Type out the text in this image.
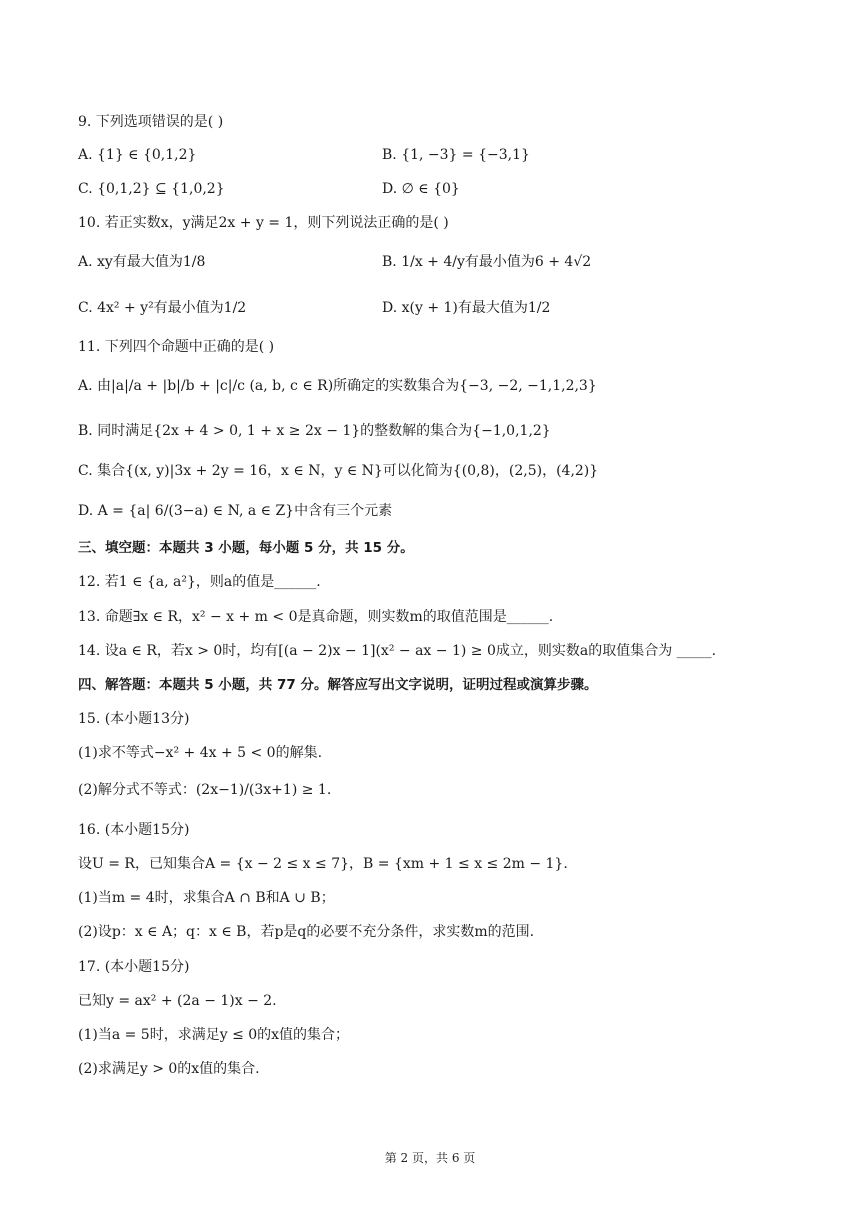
9. 下列选项错误的是( )
A. {1} ∈ {0,1,2}	B. {1, −3} = {−3,1}
C. {0,1,2} ⊆ {1,0,2}	D. ∅ ∈ {0}
10. 若正实数x，y满足2x + y = 1，则下列说法正确的是( )
A. xy有最大值为1/8	B. 1/x + 4/y有最小值为6 + 4√2
C. 4x² + y²有最小值为1/2	D. x(y + 1)有最大值为1/2
11. 下列四个命题中正确的是( )
A. 由|a|/a + |b|/b + |c|/c (a, b, c ∈ R)所确定的实数集合为{−3, −2, −1,1,2,3}
B. 同时满足{2x + 4 > 0, 1 + x ≥ 2x − 1}的整数解的集合为{−1,0,1,2}
C. 集合{(x, y)|3x + 2y = 16，x ∈ N，y ∈ N}可以化简为{(0,8)，(2,5)，(4,2)}
D. A = {a| 6/(3−a) ∈ N, a ∈ Z}中含有三个元素
三、填空题：本题共 3 小题，每小题 5 分，共 15 分。
12. 若1 ∈ {a, a²}，则a的值是______.
13. 命题∃x ∈ R，x² − x + m < 0是真命题，则实数m的取值范围是______.
14. 设a ∈ R，若x > 0时，均有[(a − 2)x − 1](x² − ax − 1) ≥ 0成立，则实数a的取值集合为 _____.
四、解答题：本题共 5 小题，共 77 分。解答应写出文字说明，证明过程或演算步骤。
15. (本小题13分)
(1)求不等式−x² + 4x + 5 < 0的解集.
(2)解分式不等式：(2x−1)/(3x+1) ≥ 1.
16. (本小题15分)
设U = R，已知集合A = {x − 2 ≤ x ≤ 7}，B = {xm + 1 ≤ x ≤ 2m − 1}.
(1)当m = 4时，求集合A ∩ B和A ∪ B；
(2)设p：x ∈ A；q：x ∈ B，若p是q的必要不充分条件，求实数m的范围.
17. (本小题15分)
已知y = ax² + (2a − 1)x − 2.
(1)当a = 5时，求满足y ≤ 0的x值的集合；
(2)求满足y > 0的x值的集合.
第 2 页，共 6 页
